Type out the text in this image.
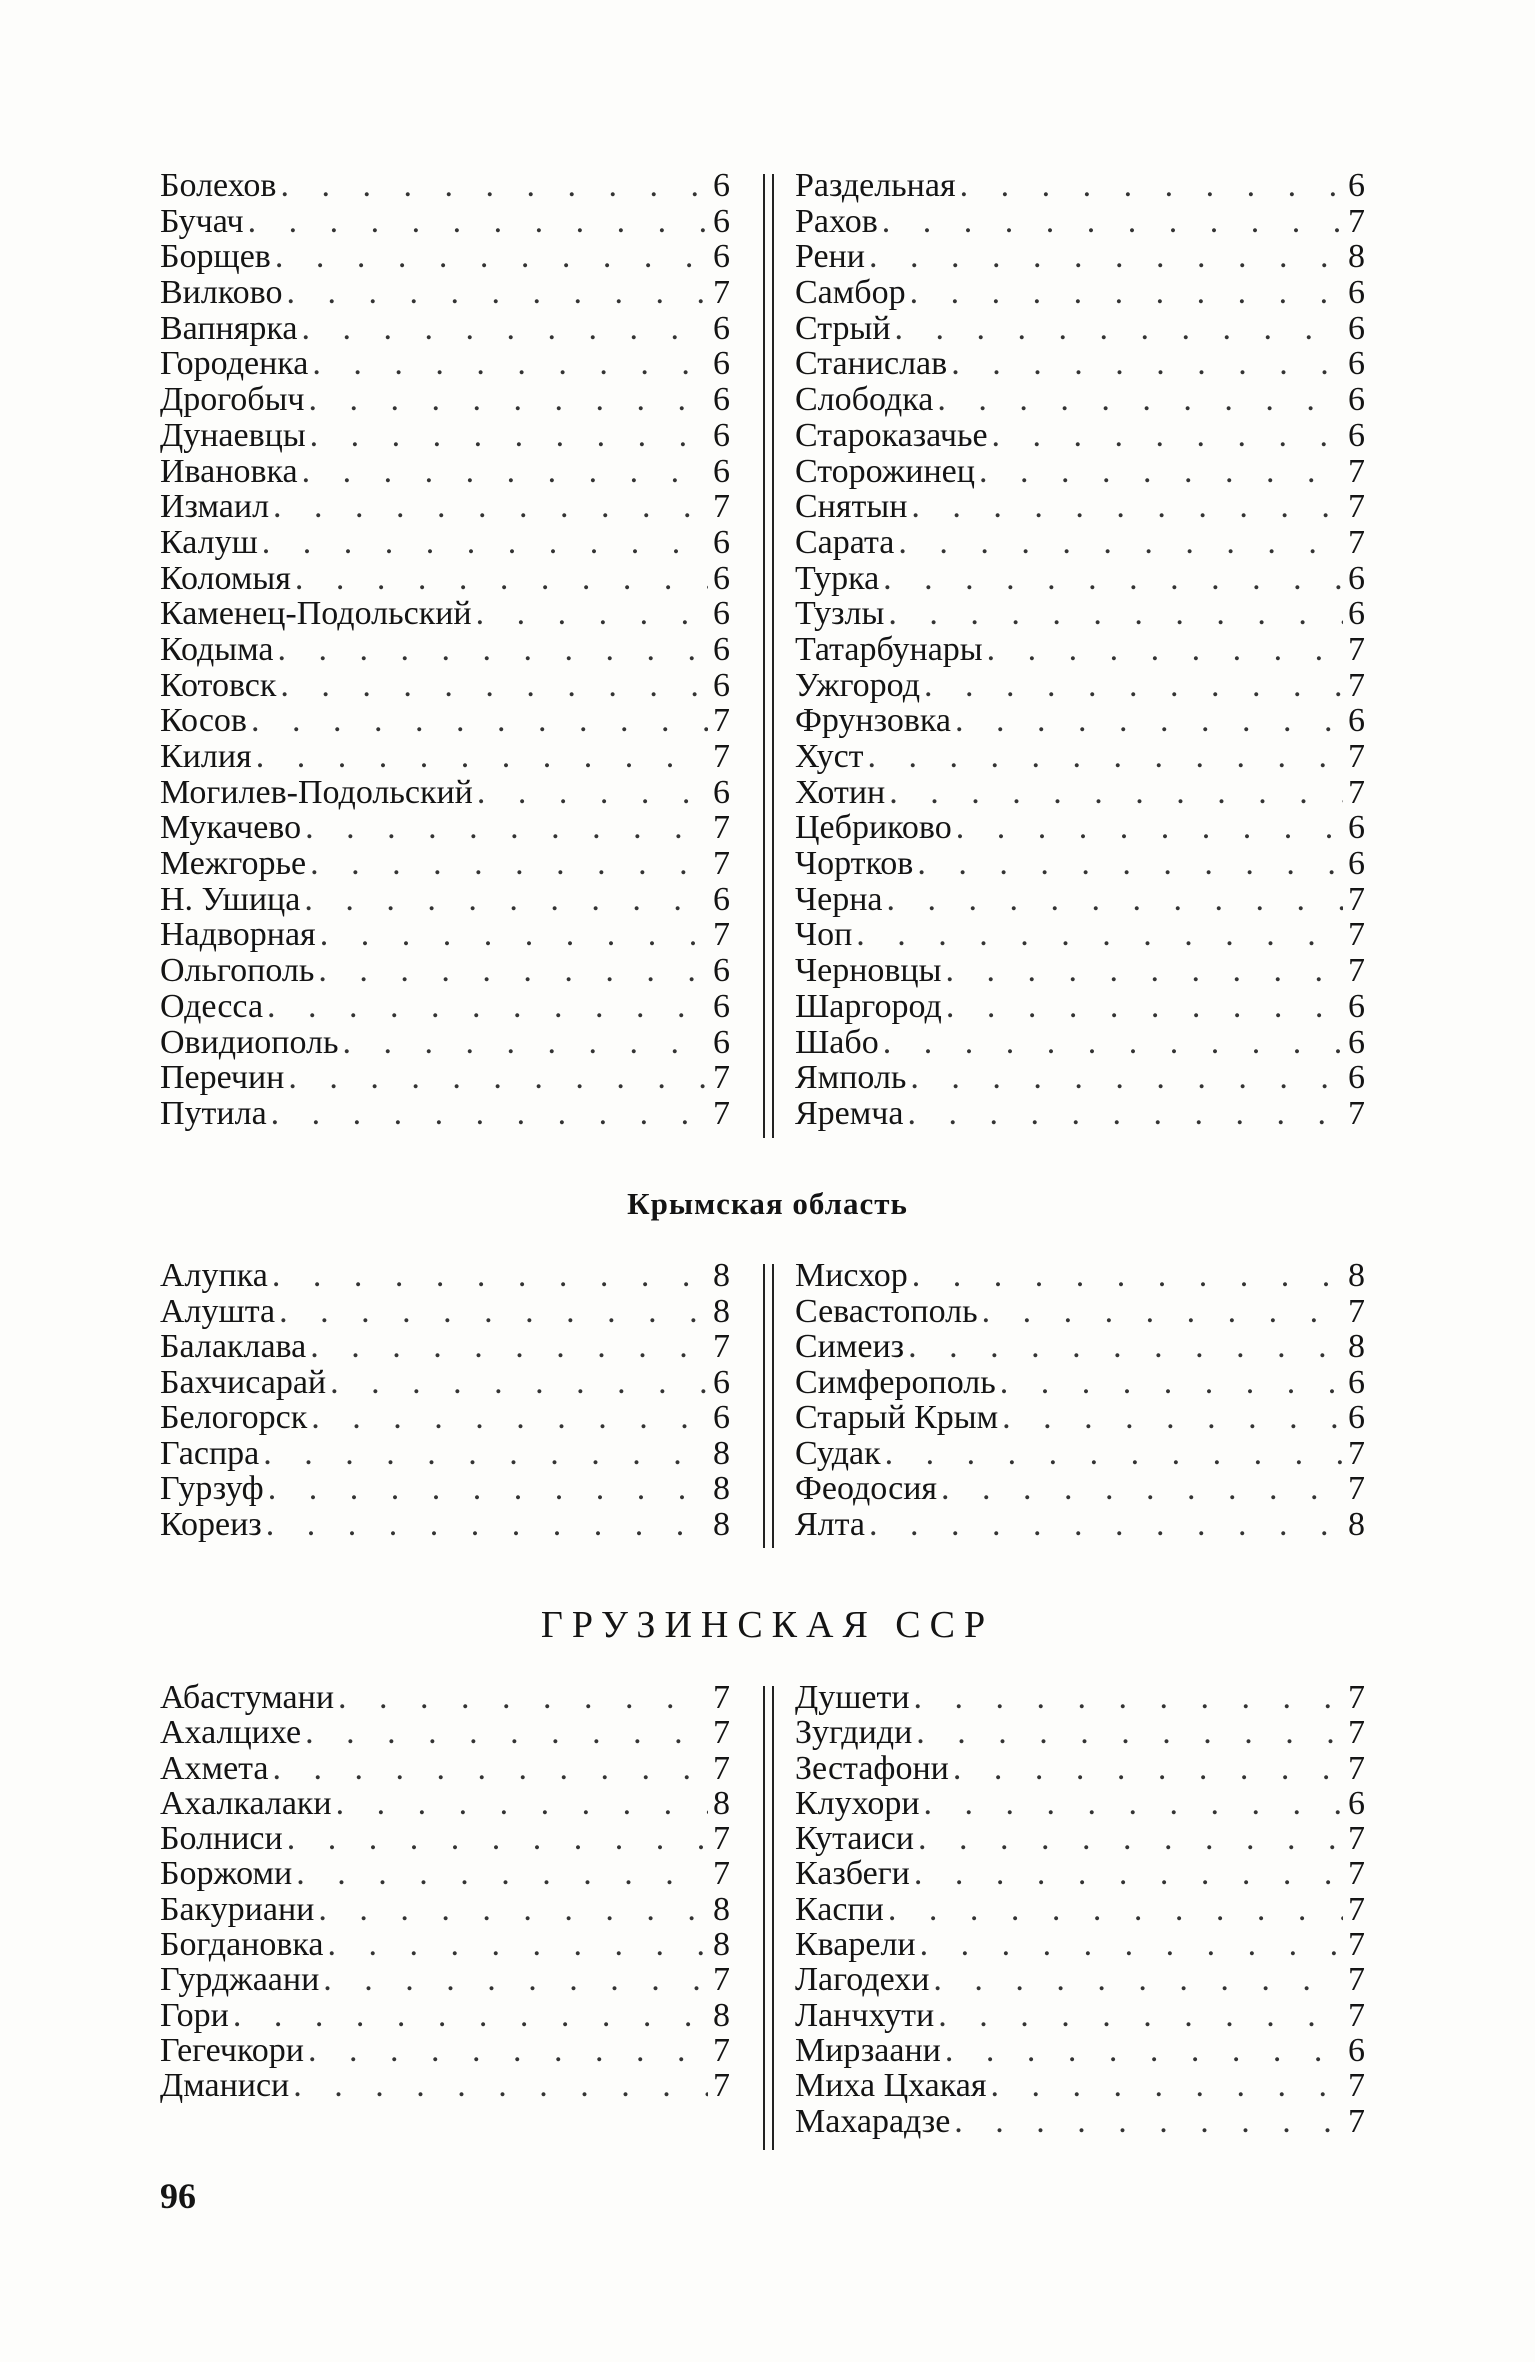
Болехов . . .	6
Бучач . . .	6
Борщев . . .	6
Вилково . . .	7
Вапнярка . . .	6
Городенка . . .	6
Дрогобыч . . .	6
Дунаевцы . . .	6
Ивановка . . .	6
Измаил . . .	7
Калуш . . .	6
Коломыя . . .	6
Каменец-Подольский . . .	6
Кодыма . . .	6
Котовск . . .	6
Косов . . .	7
Килия . . .	7
Могилев-Подольский . . .	6
Мукачево . . .	7
Межгорье . . .	7
Н. Ушица . . .	6
Надворная . . .	7
Ольгополь . . .	6
Одесса . . .	6
Овидиополь . . .	6
Перечин . . .	7
Путила . . .	7
Раздельная . . .	6
Рахов . . .	7
Рени . . .	8
Самбор . . .	6
Стрый . . .	6
Станислав . . .	6
Слободка . . .	6
Староказачье . . .	6
Сторожинец . . .	7
Снятын . . .	7
Сарата . . .	7
Турка . . .	6
Тузлы . . .	6
Татарбунары . . .	7
Ужгород . . .	7
Фрунзовка . . .	6
Хуст . . .	7
Хотин . . .	7
Цебриково . . .	6
Чортков . . .	6
Черна . . .	7
Чоп . . .	7
Черновцы . . .	7
Шаргород . . .	6
Шабо . . .	6
Ямполь . . .	6
Яремча . . .	7
Крымская область
Алупка . . .	8
Алушта . . .	8
Балаклава . . .	7
Бахчисарай . . .	6
Белогорск . . .	6
Гаспра . . .	8
Гурзуф . . .	8
Кореиз . . .	8
Мисхор . . .	8
Севастополь . . .	7
Симеиз . . .	8
Симферополь . . .	6
Старый Крым . . .	6
Судак . . .	7
Феодосия . . .	7
Ялта . . .	8
ГРУЗИНСКАЯ ССР
Абастумани . . .	7
Ахалцихе . . .	7
Ахмета . . .	7
Ахалкалаки . . .	8
Болниси . . .	7
Боржоми . . .	7
Бакуриани . . .	8
Богдановка . . .	8
Гурджаани . . .	7
Гори . . .	8
Гегечкори . . .	7
Дманиси . . .	7
Душети . . .	7
Зугдиди . . .	7
Зестафони . . .	7
Клухори . . .	6
Кутаиси . . .	7
Казбеги . . .	7
Каспи . . .	7
Кварели . . .	7
Лагодехи . . .	7
Ланчхути . . .	7
Мирзаани . . .	6
Миха Цхакая . . .	7
Махарадзе . . .	7
96
